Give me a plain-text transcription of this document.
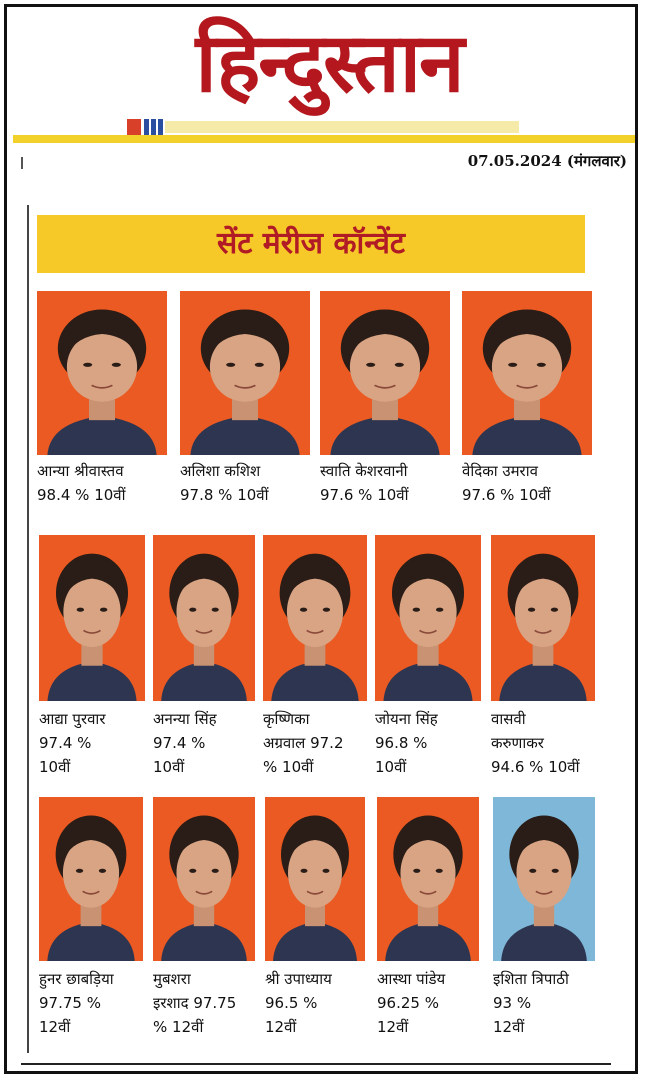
हिन्दुस्तान
07.05.2024 (मंगलवार)
सेंट मेरीज कॉन्वेंट
आन्या श्रीवास्तव
98.4 % 10वीं
अलिशा कशिश
97.8 % 10वीं
स्वाति केशरवानी
97.6 % 10वीं
वेदिका उमराव
97.6 % 10वीं
आद्या पुरवार
97.4 %
10वीं
अनन्या सिंह
97.4 %
10वीं
कृष्णिका
अग्रवाल 97.2
% 10वीं
जोयना सिंह
96.8 %
10वीं
वासवी
करुणाकर
94.6 % 10वीं
हुनर छाबड़िया
97.75 %
12वीं
मुबशरा
इरशाद 97.75
% 12वीं
श्री उपाध्याय
96.5 %
12वीं
आस्था पांडेय
96.25 %
12वीं
इशिता त्रिपाठी
93 %
12वीं
